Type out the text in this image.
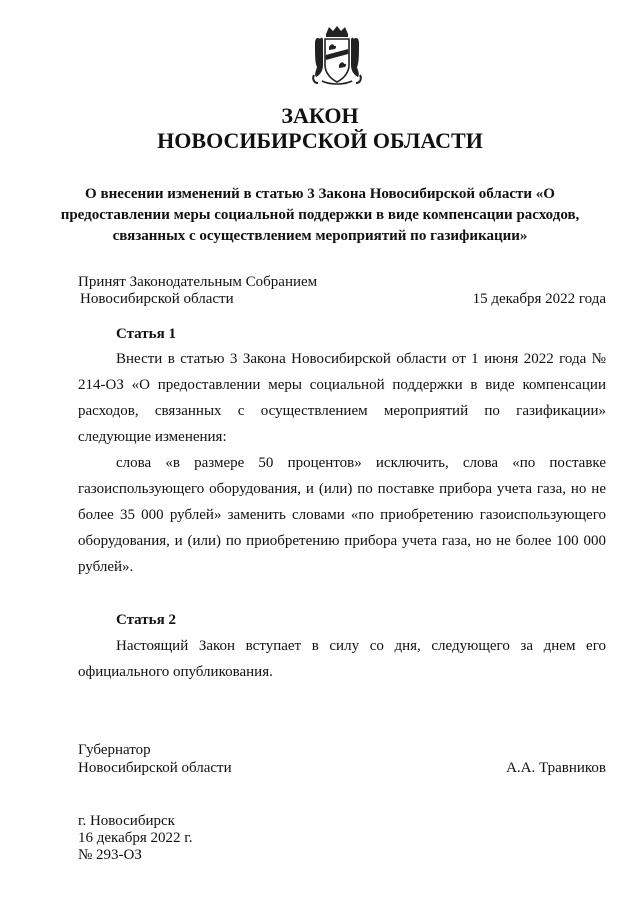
ЗАКОН
НОВОСИБИРСКОЙ ОБЛАСТИ

О внесении изменений в статью 3 Закона Новосибирской области «О предоставлении меры социальной поддержки в виде компенсации расходов, связанных с осуществлением мероприятий по газификации»

Принят Законодательным Собранием
Новосибирской области	15 декабря 2022 года
Статья 1

Внести в статью 3 Закона Новосибирской области от 1 июня 2022 года № 214-ОЗ «О предоставлении меры социальной поддержки в виде компенсации расходов, связанных с осуществлением мероприятий по газификации» следующие изменения:

слова «в размере 50 процентов» исключить, слова «по поставке газоиспользующего оборудования, и (или) по поставке прибора учета газа, но не более 35 000 рублей» заменить словами «по приобретению газоиспользующего оборудования, и (или) по приобретению прибора учета газа, но не более 100 000 рублей».

Статья 2

Настоящий Закон вступает в силу со дня, следующего за днем его официального опубликования.

Губернатор
Новосибирской области	А.А. Травников
г. Новосибирск
16 декабря 2022 г.
№ 293-ОЗ
